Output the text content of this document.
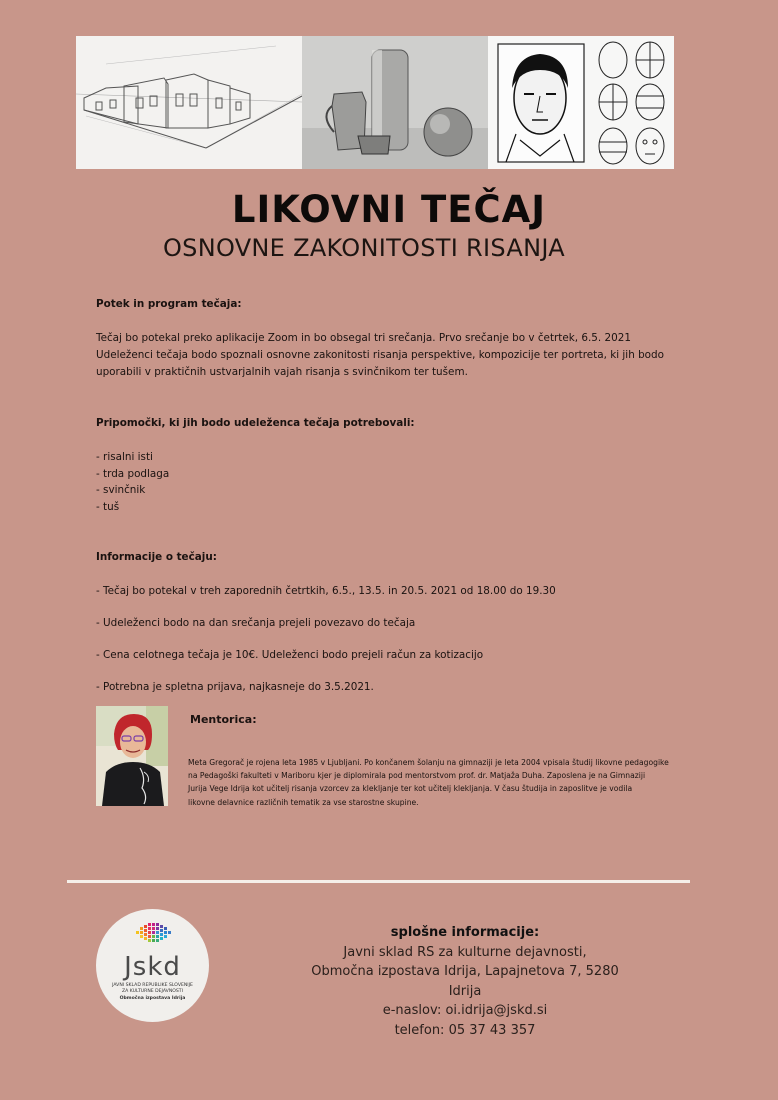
LIKOVNI TEČAJ
OSNOVNE ZAKONITOSTI RISANJA
Potek in program tečaja:
Tečaj bo potekal preko aplikacije Zoom in bo obsegal tri srečanja. Prvo srečanje bo v četrtek, 6.5. 2021
Udeleženci tečaja bodo spoznali osnovne zakonitosti risanja perspektive, kompozicije ter portreta, ki jih bodo
uporabili v praktičnih ustvarjalnih vajah risanja s svinčnikom ter tušem.
Pripomočki, ki jih bodo udeleženca tečaja potrebovali:
- risalni isti
- trda podlaga
- svinčnik
- tuš
Informacije o tečaju:
- Tečaj bo potekal v treh zaporednih četrtkih, 6.5., 13.5. in 20.5. 2021 od 18.00 do 19.30
- Udeleženci bodo na dan srečanja prejeli povezavo do tečaja
- Cena celotnega tečaja je 10€. Udeleženci bodo prejeli račun za kotizacijo
- Potrebna je spletna prijava, najkasneje do 3.5.2021.
Mentorica:
Meta Gregorač je rojena leta 1985 v Ljubljani. Po končanem šolanju na gimnaziji je leta 2004 vpisala študij likovne pedagogike
na Pedagoški fakulteti v Mariboru kjer je diplomirala pod mentorstvom prof. dr. Matjaža Duha. Zaposlena je na Gimnaziji
Jurija Vege Idrija kot učitelj risanja vzorcev za klekljanje ter kot učitelj klekljanja. V času študija in zaposlitve je vodila
likovne delavnice različnih tematik za vse starostne skupine.
Jskd
JAVNI SKLAD REPUBLIKE SLOVENIJE
ZA KULTURNE DEJAVNOSTI
Območna izpostava Idrija
splošne informacije:
Javni sklad RS za kulturne dejavnosti,
Območna izpostava Idrija, Lapajnetova 7, 5280 Idrija
e-naslov: oi.idrija@jskd.si
telefon: 05 37 43 357
